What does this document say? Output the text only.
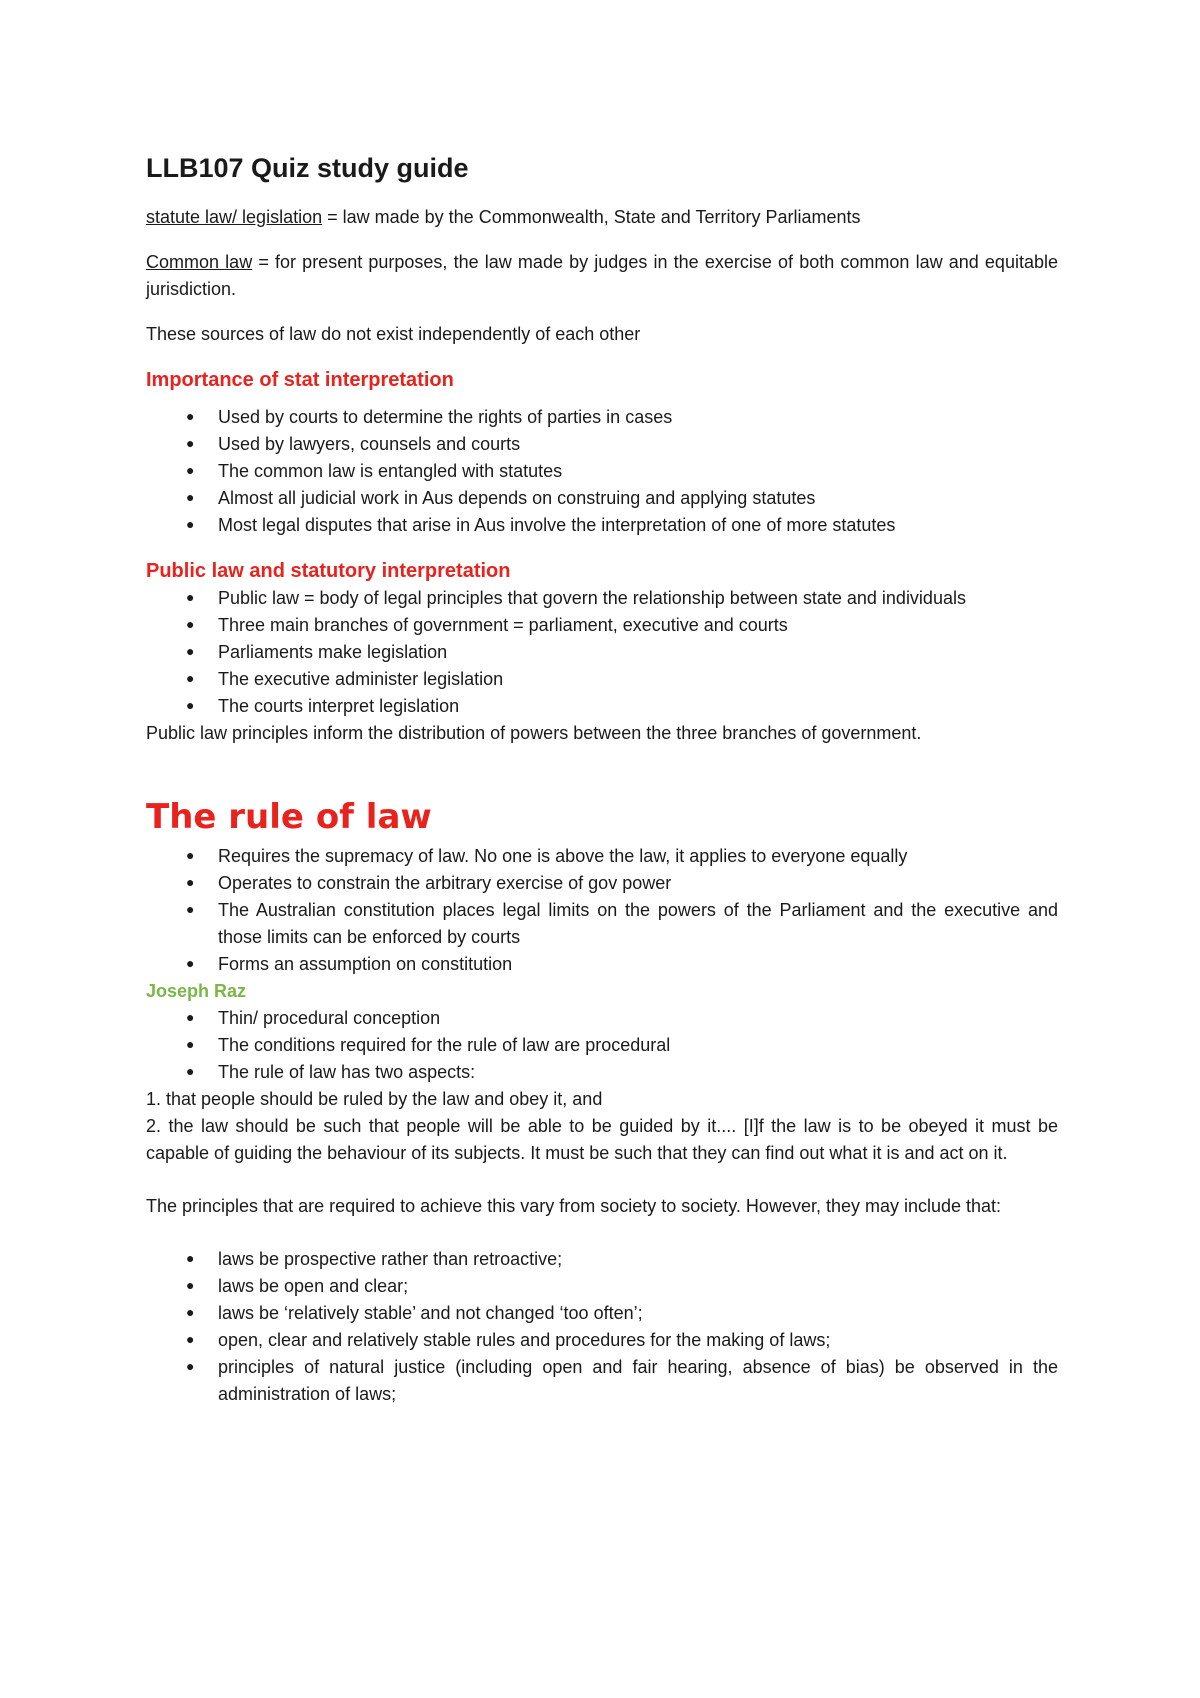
LLB107 Quiz study guide

statute law/ legislation = law made by the Commonwealth, State and Territory Parliaments

Common law = for present purposes, the law made by judges in the exercise of both common law and equitable jurisdiction.

These sources of law do not exist independently of each other

Importance of stat interpretation
● Used by courts to determine the rights of parties in cases
● Used by lawyers, counsels and courts
● The common law is entangled with statutes
● Almost all judicial work in Aus depends on construing and applying statutes
● Most legal disputes that arise in Aus involve the interpretation of one of more statutes
Public law and statutory interpretation
● Public law = body of legal principles that govern the relationship between state and individuals
● Three main branches of government = parliament, executive and courts
● Parliaments make legislation
● The executive administer legislation
● The courts interpret legislation

Public law principles inform the distribution of powers between the three branches of government.

The rule of law
● Requires the supremacy of law. No one is above the law, it applies to everyone equally
● Operates to constrain the arbitrary exercise of gov power
● The Australian constitution places legal limits on the powers of the Parliament and the executive and those limits can be enforced by courts
● Forms an assumption on constitution
Joseph Raz
● Thin/ procedural conception
● The conditions required for the rule of law are procedural
● The rule of law has two aspects:

1. that people should be ruled by the law and obey it, and

2. the law should be such that people will be able to be guided by it.... [I]f the law is to be obeyed it must be capable of guiding the behaviour of its subjects. It must be such that they can find out what it is and act on it.

The principles that are required to achieve this vary from society to society. However, they may include that:

● laws be prospective rather than retroactive;
● laws be open and clear;
● laws be ‘relatively stable’ and not changed ‘too often’;
● open, clear and relatively stable rules and procedures for the making of laws;
● principles of natural justice (including open and fair hearing, absence of bias) be observed in the administration of laws;
